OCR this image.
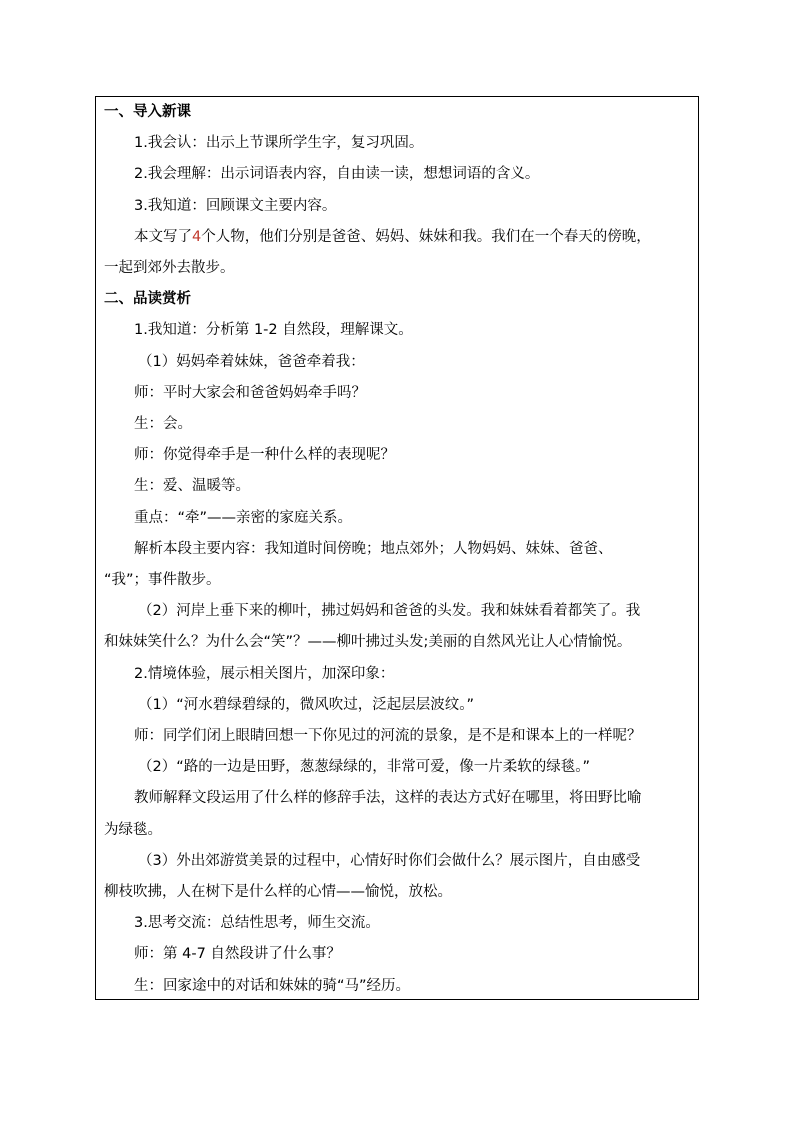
一、导入新课
1.我会认：出示上节课所学生字，复习巩固。
2.我会理解：出示词语表内容，自由读一读，想想词语的含义。
3.我知道：回顾课文主要内容。
本文写了4个人物，他们分别是爸爸、妈妈、妹妹和我。我们在一个春天的傍晚，
一起到郊外去散步。
二、品读赏析
1.我知道：分析第 1-2 自然段，理解课文。
（1）妈妈牵着妹妹，爸爸牵着我：
师：平时大家会和爸爸妈妈牵手吗？
生：会。
师：你觉得牵手是一种什么样的表现呢？
生：爱、温暖等。
重点：“牵”——亲密的家庭关系。
解析本段主要内容：我知道时间傍晚；地点郊外；人物妈妈、妹妹、爸爸、
“我”；事件散步。
（2）河岸上垂下来的柳叶，拂过妈妈和爸爸的头发。我和妹妹看着都笑了。我
和妹妹笑什么？为什么会“笑”？——柳叶拂过头发;美丽的自然风光让人心情愉悦。
2.情境体验，展示相关图片，加深印象：
（1）“河水碧绿碧绿的，微风吹过，泛起层层波纹。”
师：同学们闭上眼睛回想一下你见过的河流的景象，是不是和课本上的一样呢？
（2）“路的一边是田野，葱葱绿绿的，非常可爱，像一片柔软的绿毯。”
教师解释文段运用了什么样的修辞手法，这样的表达方式好在哪里，将田野比喻
为绿毯。
（3）外出郊游赏美景的过程中，心情好时你们会做什么？展示图片，自由感受
柳枝吹拂，人在树下是什么样的心情——愉悦，放松。
3.思考交流：总结性思考，师生交流。
师：第 4-7 自然段讲了什么事？
生：回家途中的对话和妹妹的骑“马”经历。
